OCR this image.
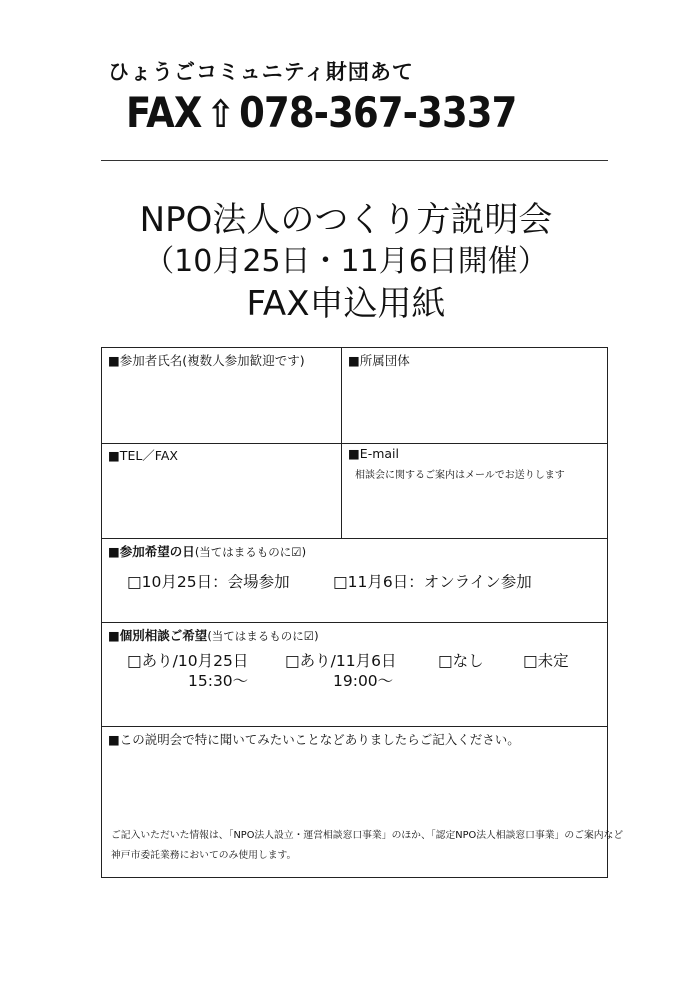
ひょうごコミュニティ財団あて
FAX ⇧ 078-367-3337
NPO法人のつくり方説明会
（10月25日・11月6日開催）
FAX申込用紙
■参加者氏名(複数人参加歓迎です)	■所属団体
■TEL／FAX	■E-mail
相談会に関するご案内はメールでお送りします
■参加希望の日(当てはまるものに☑)
□10月25日：会場参加	□11月6日：オンライン参加
■個別相談ご希望(当てはまるものに☑)
□あり/10月25日
15:30〜
□あり/11月6日
19:00〜
□なし	□未定
■この説明会で特に聞いてみたいことなどありましたらご記入ください。
ご記入いただいた情報は、「NPO法人設立・運営相談窓口事業」のほか、「認定NPO法人相談窓口事業」のご案内など
神戸市委託業務においてのみ使用します。
